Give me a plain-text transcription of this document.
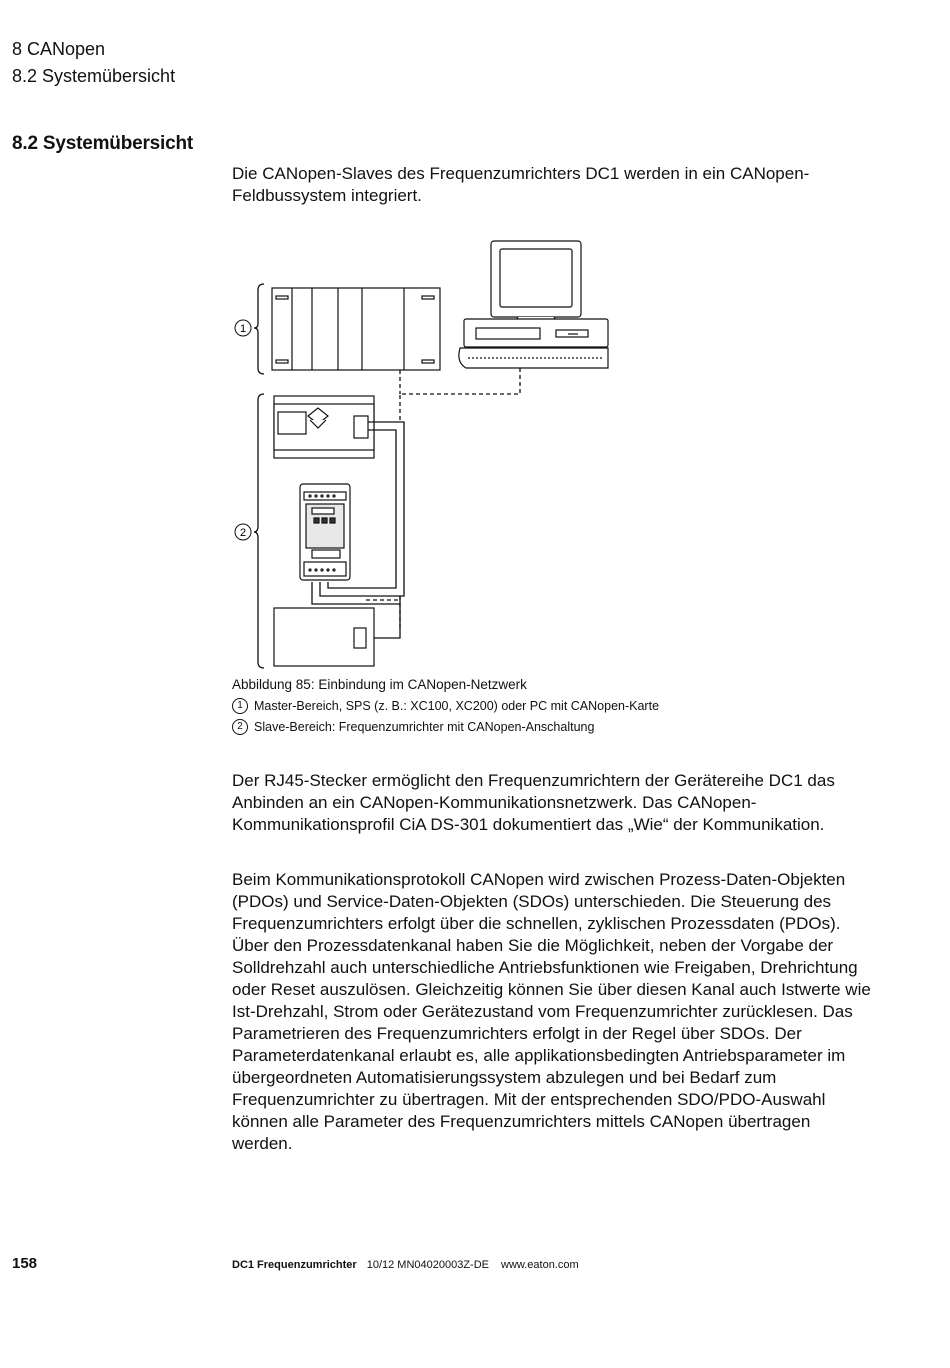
8 CANopen
8.2 Systemübersicht
8.2 Systemübersicht

Die CANopen-Slaves des Frequenzumrichters DC1 werden in ein CANopen-Feldbussystem integriert.

1
2
Abbildung 85: Einbindung im CANopen-Netzwerk
1 Master-Bereich, SPS (z. B.: XC100, XC200) oder PC mit CANopen-Karte
2 Slave-Bereich: Frequenzumrichter mit CANopen-Anschaltung

Der RJ45-Stecker ermöglicht den Frequenzumrichtern der Gerätereihe DC1 das Anbinden an ein CANopen-Kommunikationsnetzwerk. Das CANopen-Kommunikationsprofil CiA DS-301 dokumentiert das „Wie“ der Kommunikation.

Beim Kommunikationsprotokoll CANopen wird zwischen Prozess-Daten-Objekten (PDOs) und Service-Daten-Objekten (SDOs) unterschieden. Die Steuerung des Frequenzumrichters erfolgt über die schnellen, zyklischen Prozessdaten (PDOs). Über den Prozessdatenkanal haben Sie die Möglichkeit, neben der Vorgabe der Solldrehzahl auch unterschiedliche Antriebsfunktionen wie Freigaben, Drehrichtung oder Reset auszulösen. Gleichzeitig können Sie über diesen Kanal auch Istwerte wie Ist-Drehzahl, Strom oder Gerätezustand vom Frequenzumrichter zurücklesen. Das Parametrieren des Frequenzumrichters erfolgt in der Regel über SDOs. Der Parameterdatenkanal erlaubt es, alle applikationsbedingten Antriebsparameter im übergeordneten Automatisierungssystem abzulegen und bei Bedarf zum Frequenzumrichter zu übertragen. Mit der entsprechenden SDO/PDO-Auswahl können alle Parameter des Frequenzumrichters mittels CANopen übertragen werden.

158	DC1 Frequenzumrichter 10/12 MN04020003Z-DE www.eaton.com
